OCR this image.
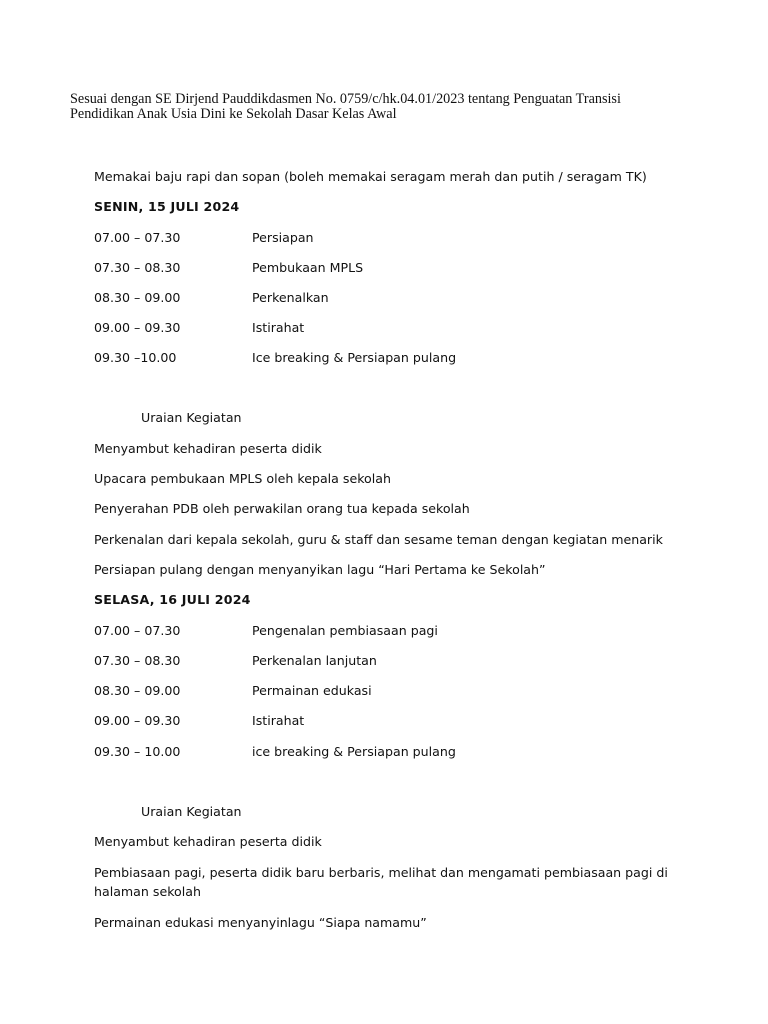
Sesuai dengan SE Dirjend Pauddikdasmen No. 0759/c/hk.04.01/2023 tentang Penguatan Transisi
Pendidikan Anak Usia Dini ke Sekolah Dasar Kelas Awal
Memakai baju rapi dan sopan (boleh memakai seragam merah dan putih / seragam TK)
SENIN, 15 JULI 2024
07.00 – 07.30	Persiapan
07.30 – 08.30	Pembukaan MPLS
08.30 – 09.00	Perkenalkan
09.00 – 09.30	Istirahat
09.30 –10.00	Ice breaking & Persiapan pulang
Uraian Kegiatan
Menyambut kehadiran peserta didik
Upacara pembukaan MPLS oleh kepala sekolah
Penyerahan PDB oleh perwakilan orang tua kepada sekolah
Perkenalan dari kepala sekolah, guru & staff dan sesame teman dengan kegiatan menarik
Persiapan pulang dengan menyanyikan lagu “Hari Pertama ke Sekolah”
SELASA, 16 JULI 2024
07.00 – 07.30	Pengenalan pembiasaan pagi
07.30 – 08.30	Perkenalan lanjutan
08.30 – 09.00	Permainan edukasi
09.00 – 09.30	Istirahat
09.30 – 10.00	ice breaking & Persiapan pulang
Uraian Kegiatan
Menyambut kehadiran peserta didik
Pembiasaan pagi, peserta didik baru berbaris, melihat dan mengamati pembiasaan pagi di
halaman sekolah
Permainan edukasi menyanyinlagu “Siapa namamu”
